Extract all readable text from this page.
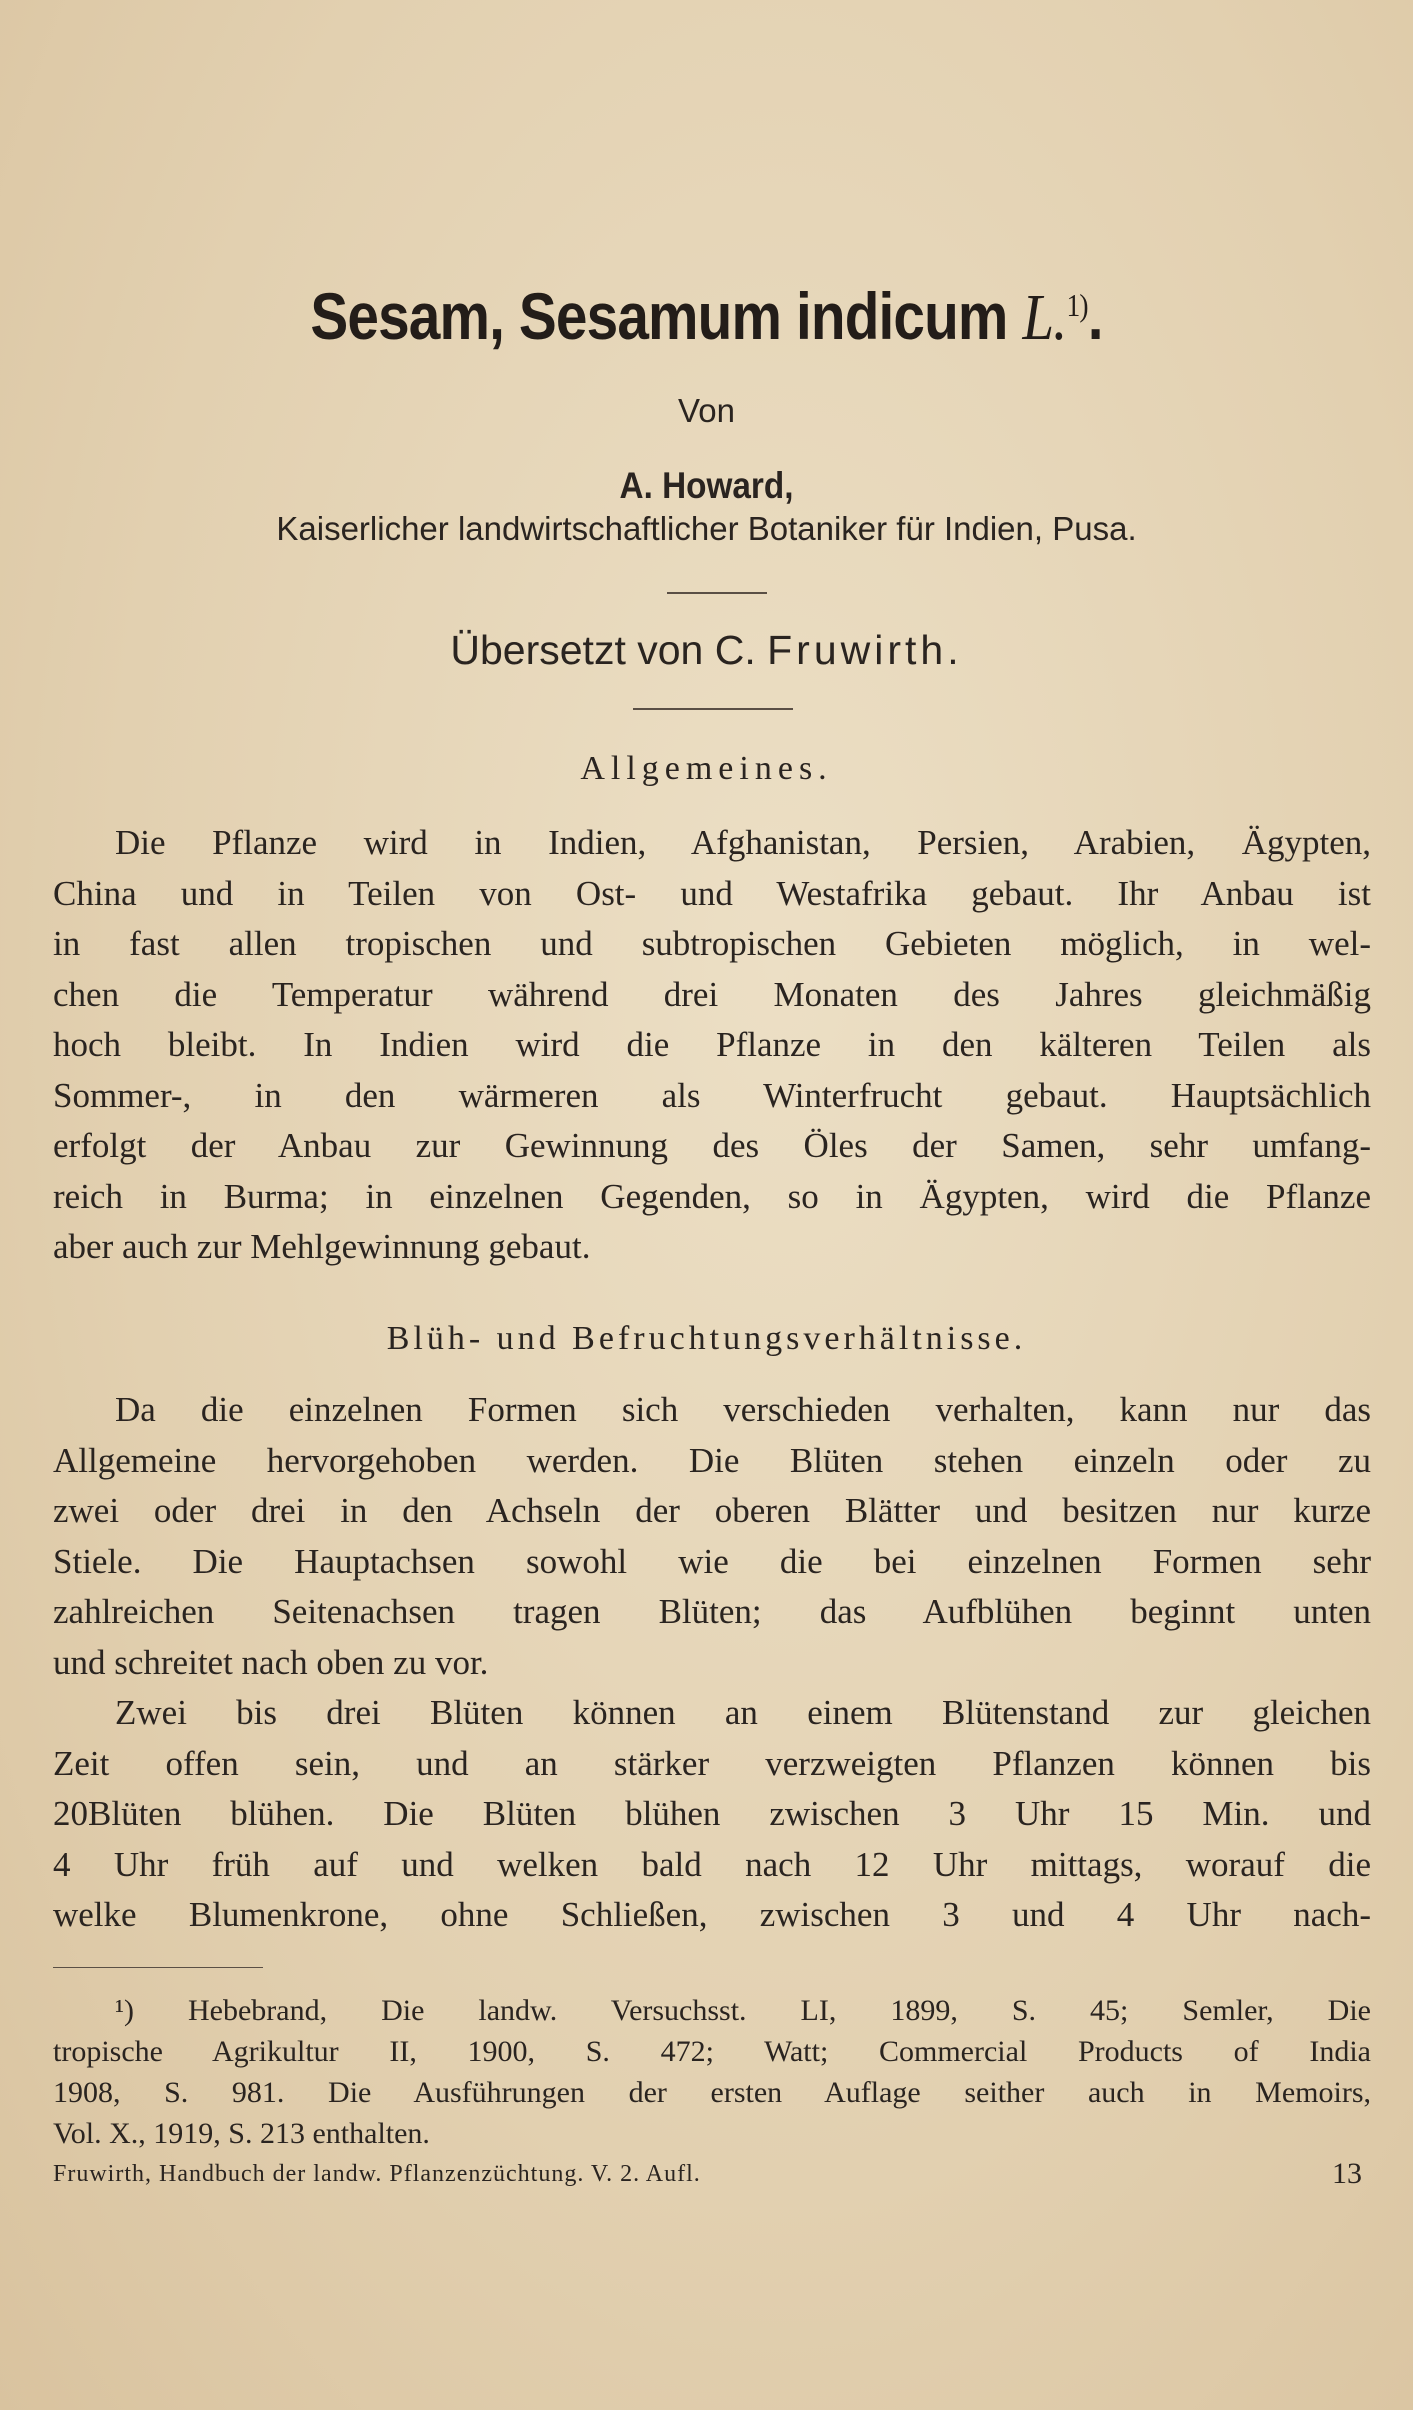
Sesam, Sesamum indicum L.$^{1)}$.
Von
A. Howard,
Kaiserlicher landwirtschaftlicher Botaniker für Indien, Pusa.
Übersetzt von C. Fruwirth.
Allgemeines.
Die Pflanze wird in Indien, Afghanistan, Persien, Arabien, Ägypten,
China und in Teilen von Ost- und Westafrika gebaut. Ihr Anbau ist
in fast allen tropischen und subtropischen Gebieten möglich, in wel-
chen die Temperatur während drei Monaten des Jahres gleichmäßig
hoch bleibt. In Indien wird die Pflanze in den kälteren Teilen als
Sommer-, in den wärmeren als Winterfrucht gebaut. Hauptsächlich
erfolgt der Anbau zur Gewinnung des Öles der Samen, sehr umfang-
reich in Burma; in einzelnen Gegenden, so in Ägypten, wird die Pflanze
aber auch zur Mehlgewinnung gebaut.
Blüh- und Befruchtungsverhältnisse.
Da die einzelnen Formen sich verschieden verhalten, kann nur das
Allgemeine hervorgehoben werden. Die Blüten stehen einzeln oder zu
zwei oder drei in den Achseln der oberen Blätter und besitzen nur kurze
Stiele. Die Hauptachsen sowohl wie die bei einzelnen Formen sehr
zahlreichen Seitenachsen tragen Blüten; das Aufblühen beginnt unten
und schreitet nach oben zu vor.
Zwei bis drei Blüten können an einem Blütenstand zur gleichen
Zeit offen sein, und an stärker verzweigten Pflanzen können bis
20Blüten blühen. Die Blüten blühen zwischen 3 Uhr 15 Min. und
4 Uhr früh auf und welken bald nach 12 Uhr mittags, worauf die
welke Blumenkrone, ohne Schließen, zwischen 3 und 4 Uhr nach-
¹) Hebebrand, Die landw. Versuchsst. LI, 1899, S. 45; Semler, Die
tropische Agrikultur II, 1900, S. 472; Watt; Commercial Products of India
1908, S. 981. Die Ausführungen der ersten Auflage seither auch in Memoirs,
Vol. X., 1919, S. 213 enthalten.
Fruwirth, Handbuch der landw. Pflanzenzüchtung. V. 2. Aufl.	13
